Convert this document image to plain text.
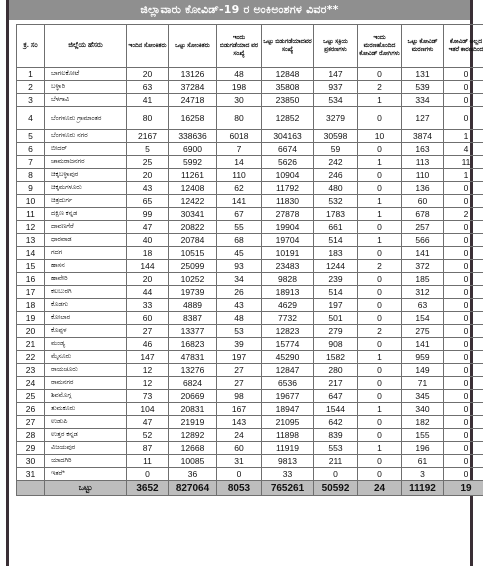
ಜಿಲ್ಲಾವಾರು ಕೋವಿಡ್-19 ರ ಅಂಕಿಅಂಶಗಳ ವಿವರ**
ಕ್ರ. ಸಂ	ಜಿಲ್ಲೆಯ ಹೆಸರು	ಇಂದಿನ ಸೋಂಕಿತರು	ಒಟ್ಟು ಸೋಂಕಿತರು	ಇಂದು ಬಿಡುಗಡೆಯಾದ ವರ ಸಂಖ್ಯೆ	ಒಟ್ಟು ಬಿಡುಗಡೆಯಾದವರ ಸಂಖ್ಯೆ	ಒಟ್ಟು ಸಕ್ರಿಯ ಪ್ರಕರಣಗಳು	ಇಂದು ಮರಣಹೊಂದಿದ ಕೋವಿಡ್ ರೋಗಿಗಳು	ಒಟ್ಟು ಕೋವಿಡ್ ಮರಣಗಳು	ಕೋವಿಡ್ ಅಲ್ಲದ ಇತರೆ ಕಾರಣದಿಂದ
1	ಬಾಗಲಕೋಟೆ	20	13126	48	12848	147	0	131	0
2	ಬಳ್ಳಾರಿ	63	37284	198	35808	937	2	539	0
3	ಬೆಳಗಾವಿ	41	24718	30	23850	534	1	334	0
4	ಬೆಂಗಳೂರು ಗ್ರಾಮಾಂತರ	80	16258	80	12852	3279	0	127	0
5	ಬೆಂಗಳೂರು ನಗರ	2167	338636	6018	304163	30598	10	3874	1
6	ಬೀದರ್	5	6900	7	6674	59	0	163	4
7	ಚಾಮರಾಜನಗರ	25	5992	14	5626	242	1	113	11
8	ಚಿಕ್ಕಬಳ್ಳಾಪುರ	20	11261	110	10904	246	0	110	1
9	ಚಿಕ್ಕಮಗಳೂರು	43	12408	62	11792	480	0	136	0
10	ಚಿತ್ರದುರ್ಗ	65	12422	141	11830	532	1	60	0
11	ದಕ್ಷಿಣ ಕನ್ನಡ	99	30341	67	27878	1783	1	678	2
12	ದಾವಣಗೆರೆ	47	20822	55	19904	661	0	257	0
13	ಧಾರವಾಡ	40	20784	68	19704	514	1	566	0
14	ಗದಗ	18	10515	45	10191	183	0	141	0
15	ಹಾಸನ	144	25099	93	23483	1244	2	372	0
16	ಹಾವೇರಿ	20	10252	34	9828	239	0	185	0
17	ಕಲಬುರಗಿ	44	19739	26	18913	514	0	312	0
18	ಕೊಡಗು	33	4889	43	4629	197	0	63	0
19	ಕೋಲಾರ	60	8387	48	7732	501	0	154	0
20	ಕೊಪ್ಪಳ	27	13377	53	12823	279	2	275	0
21	ಮಂಡ್ಯ	46	16823	39	15774	908	0	141	0
22	ಮೈಸೂರು	147	47831	197	45290	1582	1	959	0
23	ರಾಯಚೂರು	12	13276	27	12847	280	0	149	0
24	ರಾಮನಗರ	12	6824	27	6536	217	0	71	0
25	ಶಿವಮೊಗ್ಗ	73	20669	98	19677	647	0	345	0
26	ತುಮಕೂರು	104	20831	167	18947	1544	1	340	0
27	ಉಡುಪಿ	47	21919	143	21095	642	0	182	0
28	ಉತ್ತರ ಕನ್ನಡ	52	12892	24	11898	839	0	155	0
29	ವಿಜಯಪುರ	87	12668	60	11919	553	1	196	0
30	ಯಾದಗಿರಿ	11	10085	31	9813	211	0	61	0
31	ಇತರೆ*	0	36	0	33	0	0	3	0
	ಒಟ್ಟು	3652	827064	8053	765261	50592	24	11192	19
